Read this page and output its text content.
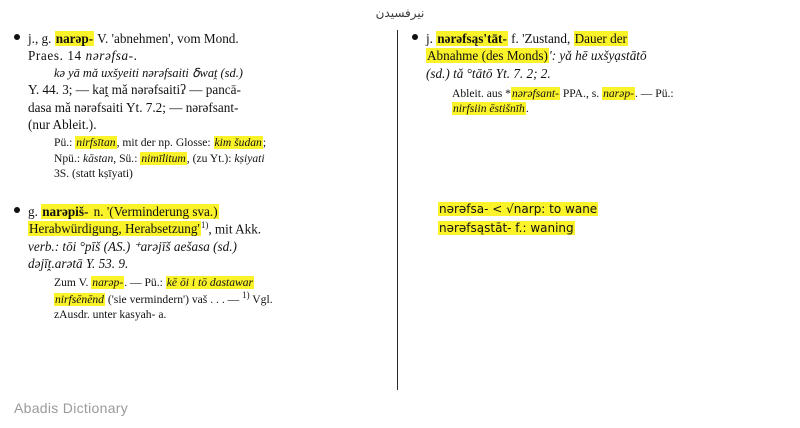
نیرفسیدن
j., g. narəp- V. 'abnehmen', vom Mond.
Praes. 14 nərəfsa-.
kə yā mǎ uxšyeiti nərəfsaiti ẟwaṱ (sd.)
Y. 44. 3; — kaṱ mǎ nərəfsaitiʔ — pancā-
dasa mǎ nərəfsaiti Yt. 7.2; — nərəfsant-
(nur Ableit.).
Pü.: nirfsītan, mit der np. Glosse: kim šudan;
Npü.: kāstan, Sü.: nimīlitum, (zu Yt.): kṣiyati
3S. (statt kṣīyati)
g. narəpiš- n. '(Verminderung sva.)
Herabwürdigung, $Herabsetzung'^{1)}$, mit Akk.
verb.: tōi °pīš (AS.) ⁺arəjīš aešasa (sd.)
dəjīṱ.arətā Y. 53. 9.
Zum V. narəp-. — Pü.: kē ōi i tō dastawar
nirfsēnēnd ('sie vermindern') vaš . . . — $^{1)}$ Vgl.
zAusdr. unter kasyah- a.
j. nərəfsąs'tāt- f. 'Zustand, Dauer der
Abnahme (des Monds)': yǎ hē uxšyạstātō
(sd.) tǎ °tātō Yt. 7. 2; 2.
Ableit. aus *nərəfsant- PPA., s. narəp-. — Pü.:
nirfsiin ēstišnīh.
nərəfsa- < √narp: to wane
nərəfsąstāt- f.: waning
Abadis Dictionary
